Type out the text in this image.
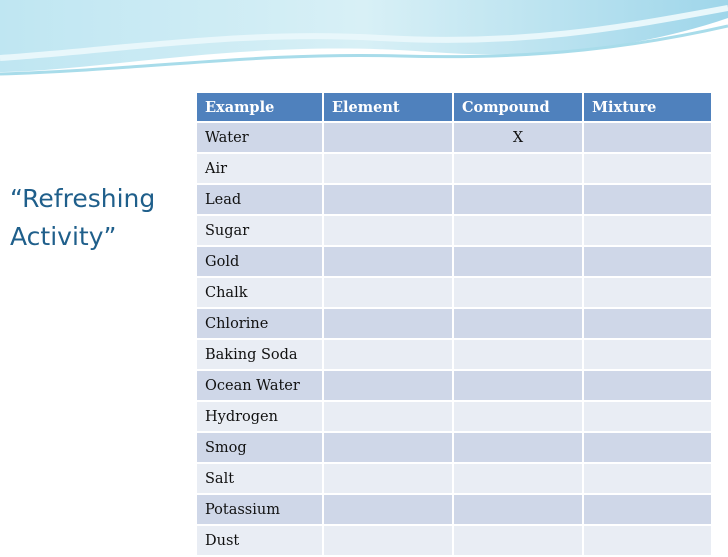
“Refreshing Activity”
Example	Element	Compound	Mixture
Water		X	
Air			
Lead			
Sugar			
Gold			
Chalk			
Chlorine			
Baking Soda			
Ocean Water			
Hydrogen			
Smog			
Salt			
Potassium			
Dust			
